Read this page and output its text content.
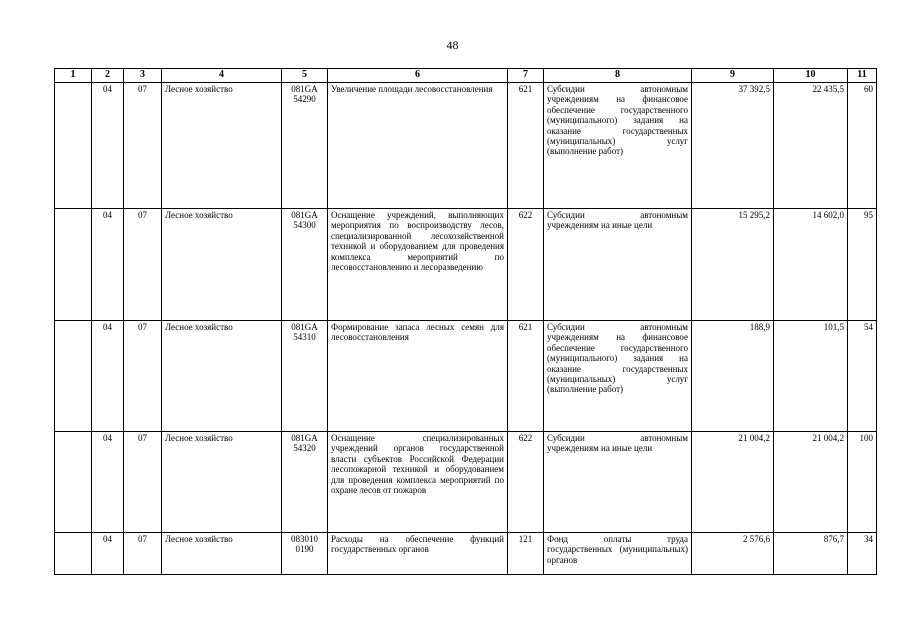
48
1	2	3	4	5	6	7	8	9	10	11
	04	07	Лесное хозяйство	081GA 54290	Увеличение площади лесовосстановления	621	Субсидии автономным учреждениям на финансовое обеспечение государственного (муниципального) задания на оказание государственных (муниципальных) услуг (выполнение работ)	37 392,5	22 435,5	60
	04	07	Лесное хозяйство	081GA 54300	Оснащение учреждений, выполняющих мероприятия по воспроизводству лесов, специализированной лесохозяйственной техникой и оборудованием для проведения комплекса мероприятий по лесовосстановлению и лесоразведению	622	Субсидии автономным учреждениям на иные цели	15 295,2	14 602,0	95
	04	07	Лесное хозяйство	081GA 54310	Формирование запаса лесных семян для лесовосстановления	621	Субсидии автономным учреждениям на финансовое обеспечение государственного (муниципального) задания на оказание государственных (муниципальных) услуг (выполнение работ)	188,9	101,5	54
	04	07	Лесное хозяйство	081GA 54320	Оснащение специализированных учреждений органов государственной власти субъектов Российской Федерации лесопожарной техникой и оборудованием для проведения комплекса мероприятий по охране лесов от пожаров	622	Субсидии автономным учреждениям на иные цели	21 004,2	21 004,2	100
	04	07	Лесное хозяйство	083010 0190	Расходы на обеспечение функций государственных органов	121	Фонд оплаты труда государственных (муниципальных) органов	2 576,6	876,7	34
